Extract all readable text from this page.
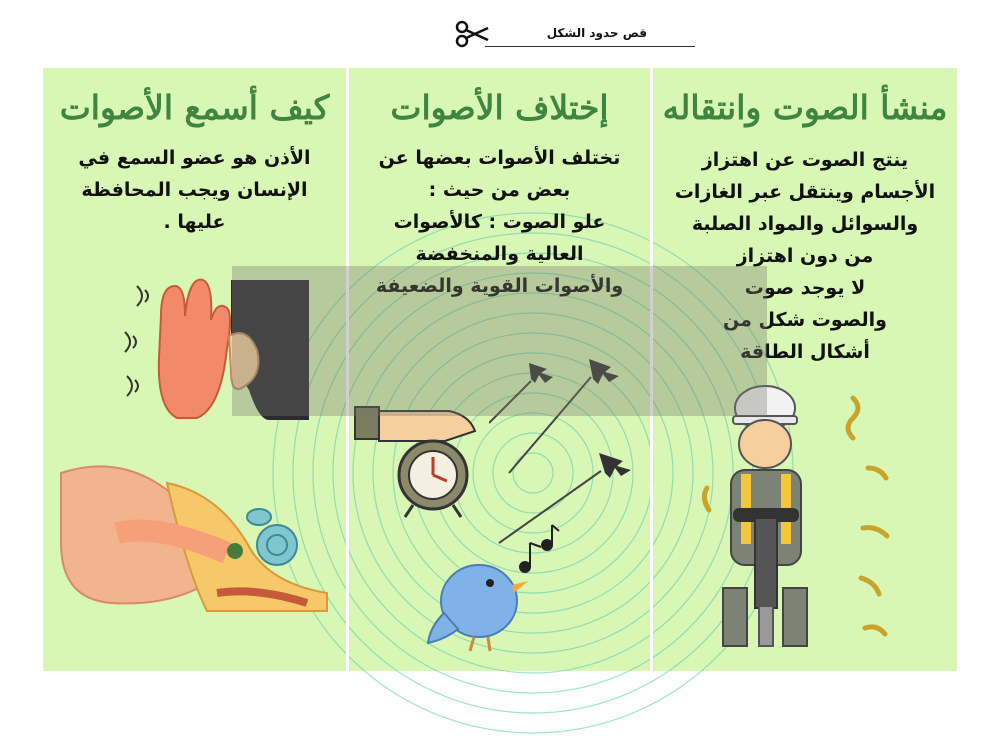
قص حدود الشكل
منشأ الصوت وانتقاله
ينتج الصوت عن اهتزاز
الأجسام وينتقل عبر الغازات
والسوائل والمواد الصلبة
من دون اهتزاز
لا يوجد صوت
والصوت شكل من
أشكال الطاقة
إختلاف الأصوات
تختلف الأصوات بعضها عن
بعض من حيث :
علو الصوت : كالأصوات
العالية والمنخفضة
والأصوات القوية والضعيفة
كيف أسمع الأصوات
الأذن هو عضو السمع في
الإنسان ويجب المحافظة
عليها .
